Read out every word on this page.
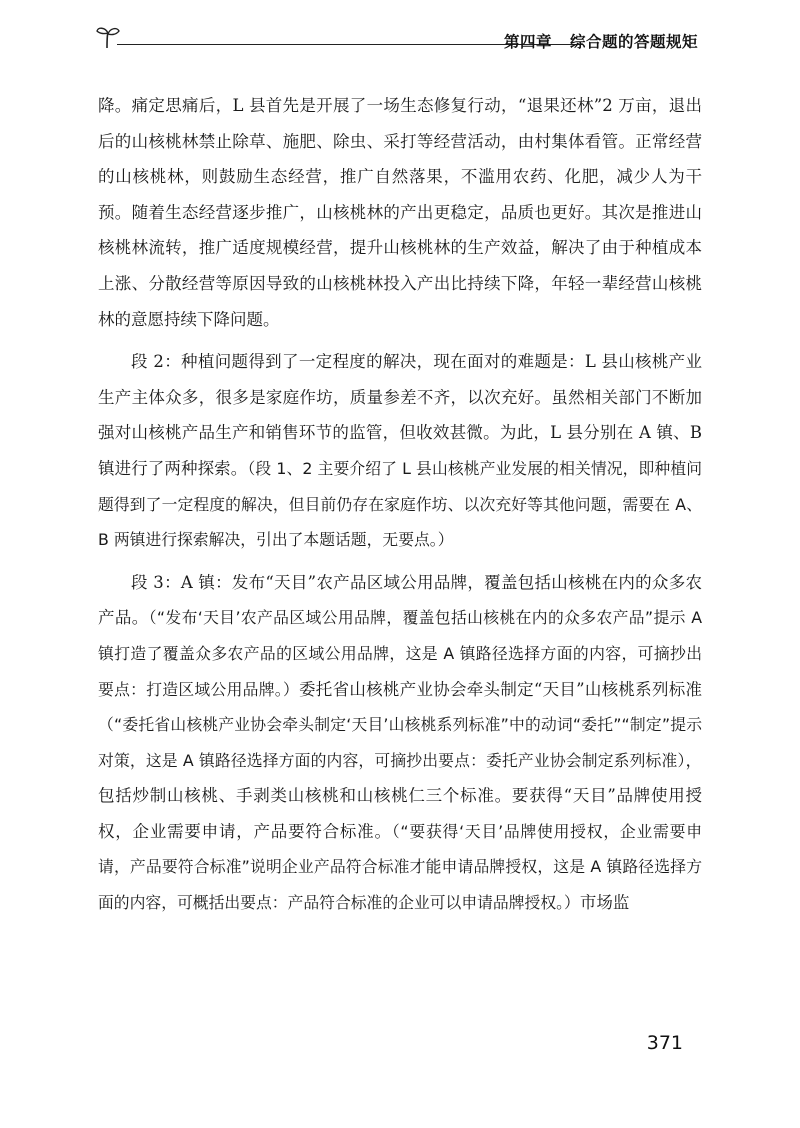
第四章 综合题的答题规矩

降。痛定思痛后，L 县首先是开展了一场生态修复行动，“退果还林”2 万亩，退出后的山核桃林禁止除草、施肥、除虫、采打等经营活动，由村集体看管。正常经营的山核桃林，则鼓励生态经营，推广自然落果，不滥用农药、化肥，减少人为干预。随着生态经营逐步推广，山核桃林的产出更稳定，品质也更好。其次是推进山核桃林流转，推广适度规模经营，提升山核桃林的生产效益，解决了由于种植成本上涨、分散经营等原因导致的山核桃林投入产出比持续下降，年轻一辈经营山核桃林的意愿持续下降问题。

段 2：种植问题得到了一定程度的解决，现在面对的难题是：L 县山核桃产业生产主体众多，很多是家庭作坊，质量参差不齐，以次充好。虽然相关部门不断加强对山核桃产品生产和销售环节的监管，但收效甚微。为此，L 县分别在 A 镇、B 镇进行了两种探索。（段 1、2 主要介绍了 L 县山核桃产业发展的相关情况，即种植问题得到了一定程度的解决，但目前仍存在家庭作坊、以次充好等其他问题，需要在 A、B 两镇进行探索解决，引出了本题话题，无要点。）

段 3：A 镇：发布“天目”农产品区域公用品牌，覆盖包括山核桃在内的众多农产品。（“发布‘天目’农产品区域公用品牌，覆盖包括山核桃在内的众多农产品”提示 A 镇打造了覆盖众多农产品的区域公用品牌，这是 A 镇路径选择方面的内容，可摘抄出要点：打造区域公用品牌。）委托省山核桃产业协会牵头制定“天目”山核桃系列标准（“委托省山核桃产业协会牵头制定‘天目’山核桃系列标准”中的动词“委托”“制定”提示对策，这是 A 镇路径选择方面的内容，可摘抄出要点：委托产业协会制定系列标准），包括炒制山核桃、手剥类山核桃和山核桃仁三个标准。要获得“天目”品牌使用授权，企业需要申请，产品要符合标准。（“要获得‘天目’品牌使用授权，企业需要申请，产品要符合标准”说明企业产品符合标准才能申请品牌授权，这是 A 镇路径选择方面的内容，可概括出要点：产品符合标准的企业可以申请品牌授权。）市场监

371
